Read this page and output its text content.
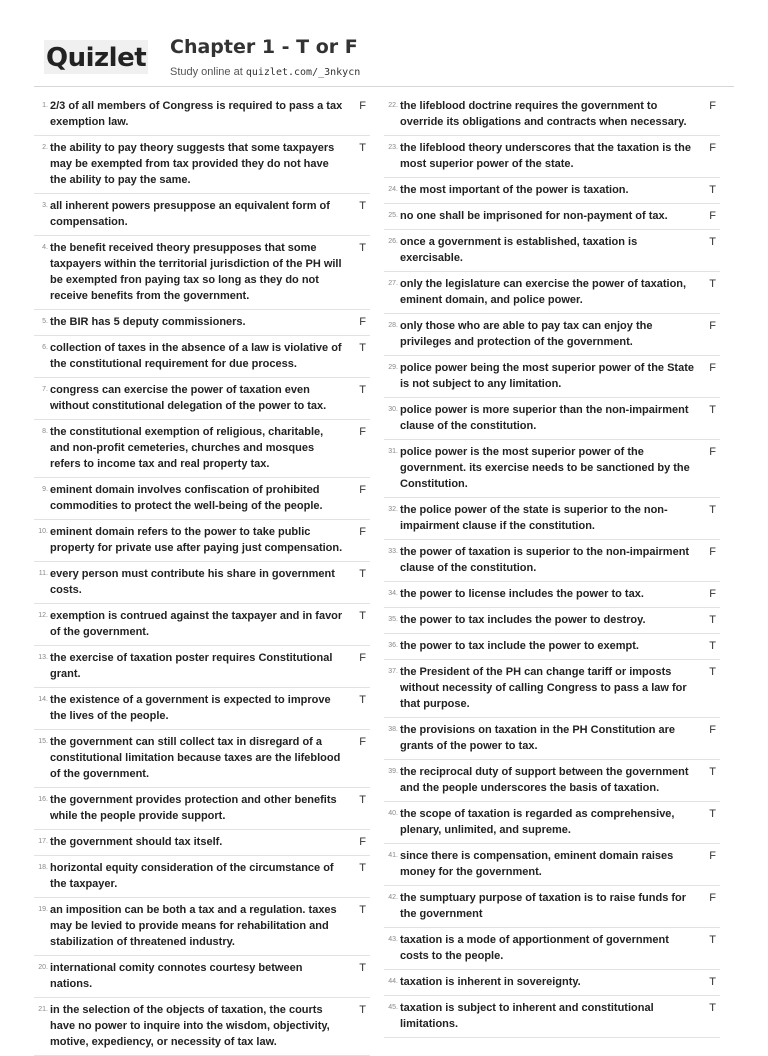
Quizlet Chapter 1 - T or F
Study online at quizlet.com/_3nkycn
1. 2/3 of all members of Congress is required to pass a tax exemption law.
F
2. the ability to pay theory suggests that some taxpayers may be exempted from tax provided they do not have the ability to pay the same.
T
3. all inherent powers presuppose an equivalent form of compensation.
T
4. the benefit received theory presupposes that some taxpayers within the territorial jurisdiction of the PH will be exempted fron paying tax so long as they do not receive benefits from the government.
T
5. the BIR has 5 deputy commissioners.	F
6. collection of taxes in the absence of a law is violative of the constitutional requirement for due process.
T
7. congress can exercise the power of taxation even without constitutional delegation of the power to tax.
T
8. the constitutional exemption of religious, charitable, and non-profit cemeteries, churches and mosques refers to income tax and real property tax.
F
9. eminent domain involves confiscation of prohibited commodities to protect the well-being of the people.
F
10. eminent domain refers to the power to take public property for private use after paying just compensation.
F
11. every person must contribute his share in government costs.
T
12. exemption is contrued against the taxpayer and in favor of the government.
T
13. the exercise of taxation poster requires Constitutional grant.
F
14. the existence of a government is expected to improve the lives of the people.
T
15. the government can still collect tax in disregard of a constitutional limitation because taxes are the lifeblood of the government.
F
16. the government provides protection and other benefits while the people provide support.
T
17. the government should tax itself.	F
18. horizontal equity consideration of the circumstance of the taxpayer.
T
19. an imposition can be both a tax and a regulation. taxes may be levied to provide means for rehabilitation and stabilization of threatened industry.
T
20. international comity connotes courtesy between nations.
T
21. in the selection of the objects of taxation, the courts have no power to inquire into the wisdom, objectivity, motive, expediency, or necessity of tax law.
T
22. the lifeblood doctrine requires the government to override its obligations and contracts when necessary.
F
23. the lifeblood theory underscores that the taxation is the most superior power of the state.
F
24. the most important of the power is taxation.	T
25. no one shall be imprisoned for non-payment of tax.	F
26. once a government is established, taxation is exercisable.
T
27. only the legislature can exercise the power of taxation, eminent domain, and police power.
T
28. only those who are able to pay tax can enjoy the privileges and protection of the government.
F
29. police power being the most superior power of the State is not subject to any limitation.
F
30. police power is more superior than the non-impairment clause of the constitution.
T
31. police power is the most superior power of the government. its exercise needs to be sanctioned by the Constitution.
F
32. the police power of the state is superior to the non-impairment clause if the constitution.
T
33. the power of taxation is superior to the non-impairment clause of the constitution.
F
34. the power to license includes the power to tax.	F
35. the power to tax includes the power to destroy.	T
36. the power to tax include the power to exempt.	T
37. the President of the PH can change tariff or imposts without necessity of calling Congress to pass a law for that purpose.
T
38. the provisions on taxation in the PH Constitution are grants of the power to tax.
F
39. the reciprocal duty of support between the government and the people underscores the basis of taxation.
T
40. the scope of taxation is regarded as comprehensive, plenary, unlimited, and supreme.
T
41. since there is compensation, eminent domain raises money for the government.
F
42. the sumptuary purpose of taxation is to raise funds for the government
F
43. taxation is a mode of apportionment of government costs to the people.
T
44. taxation is inherent in sovereignty.	T
45. taxation is subject to inherent and constitutional limitations.
T
